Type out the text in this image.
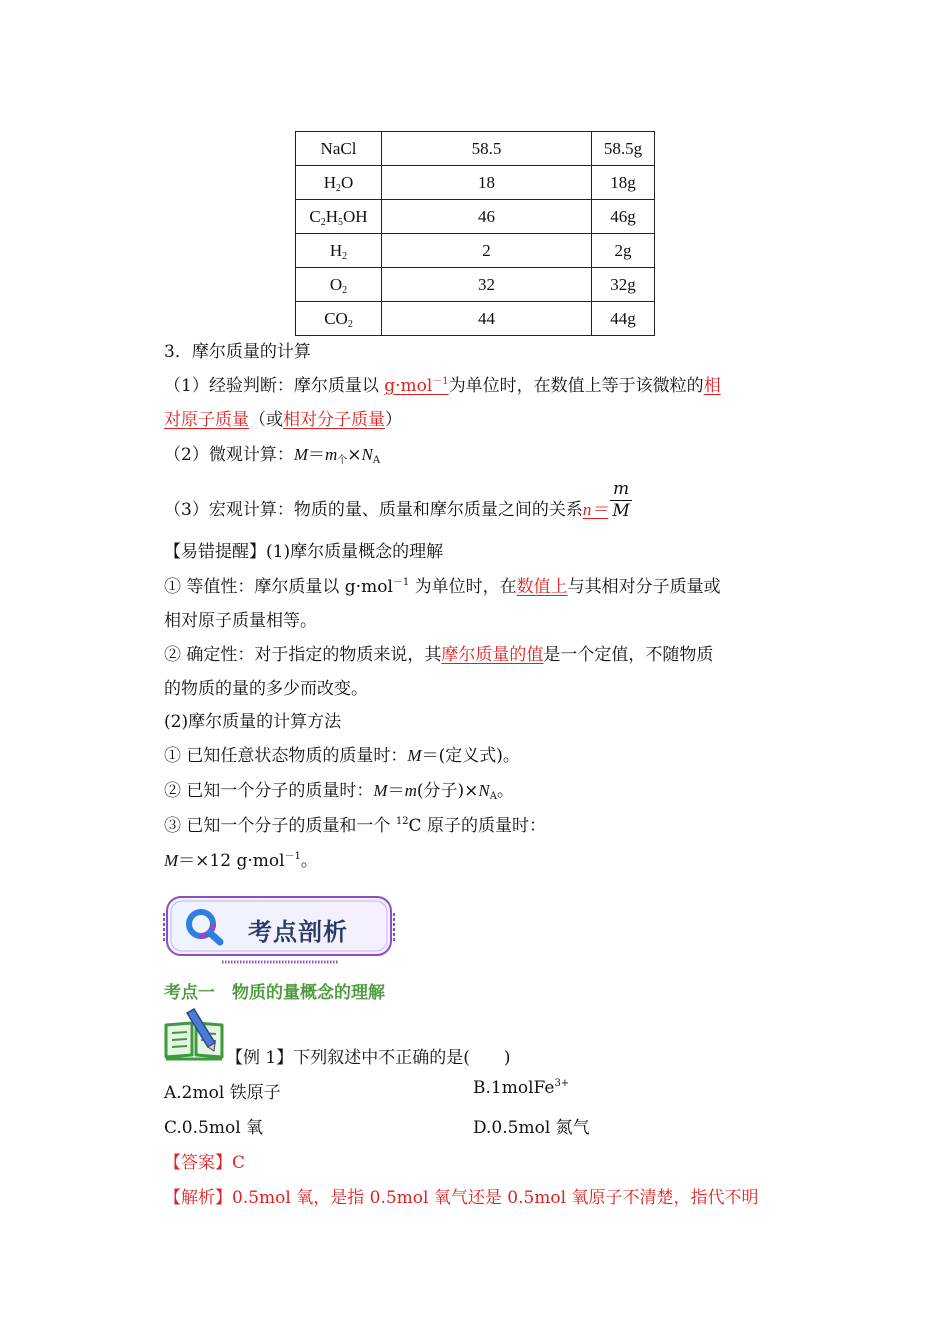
NaCl	58.5	58.5g
$H_2O$	18	18g
$C_2H_5OH$	46	46g
$H_2$	2	2g
$O_2$	32	32g
$CO_2$	44	44g
3．摩尔质量的计算
（1）经验判断：摩尔质量以 g·mol$^{-1}$为单位时，在数值上等于该微粒的相
对原子质量（或相对分子质量）
（2）微观计算：$M=m_个\times N_A$
（3）宏观计算：物质的量、质量和摩尔质量之间的关系 $n= \frac{m}{M}$
【易错提醒】(1)摩尔质量概念的理解
① 等值性：摩尔质量以 g·mol$^{-1}$ 为单位时，在数值上与其相对分子质量或
相对原子质量相等。
② 确定性：对于指定的物质来说，其摩尔质量的值是一个定值，不随物质
的物质的量的多少而改变。
(2)摩尔质量的计算方法
① 已知任意状态物质的质量时：M＝(定义式)。
② 已知一个分子的质量时：M＝m(分子)$\times N_A$。
③ 已知一个分子的质量和一个 $^{12}$C 原子的质量时：
M＝×12 g·mol$^{-1}$。
考点剖析
考点一　物质的量概念的理解
【例 1】下列叙述中不正确的是(　　)
A.2mol 铁原子	B.1molFe$^{3+}$
C.0.5mol 氧	D.0.5mol 氮气
【答案】C
【解析】0.5mol 氧，是指 0.5mol 氧气还是 0.5mol 氧原子不清楚，指代不明
